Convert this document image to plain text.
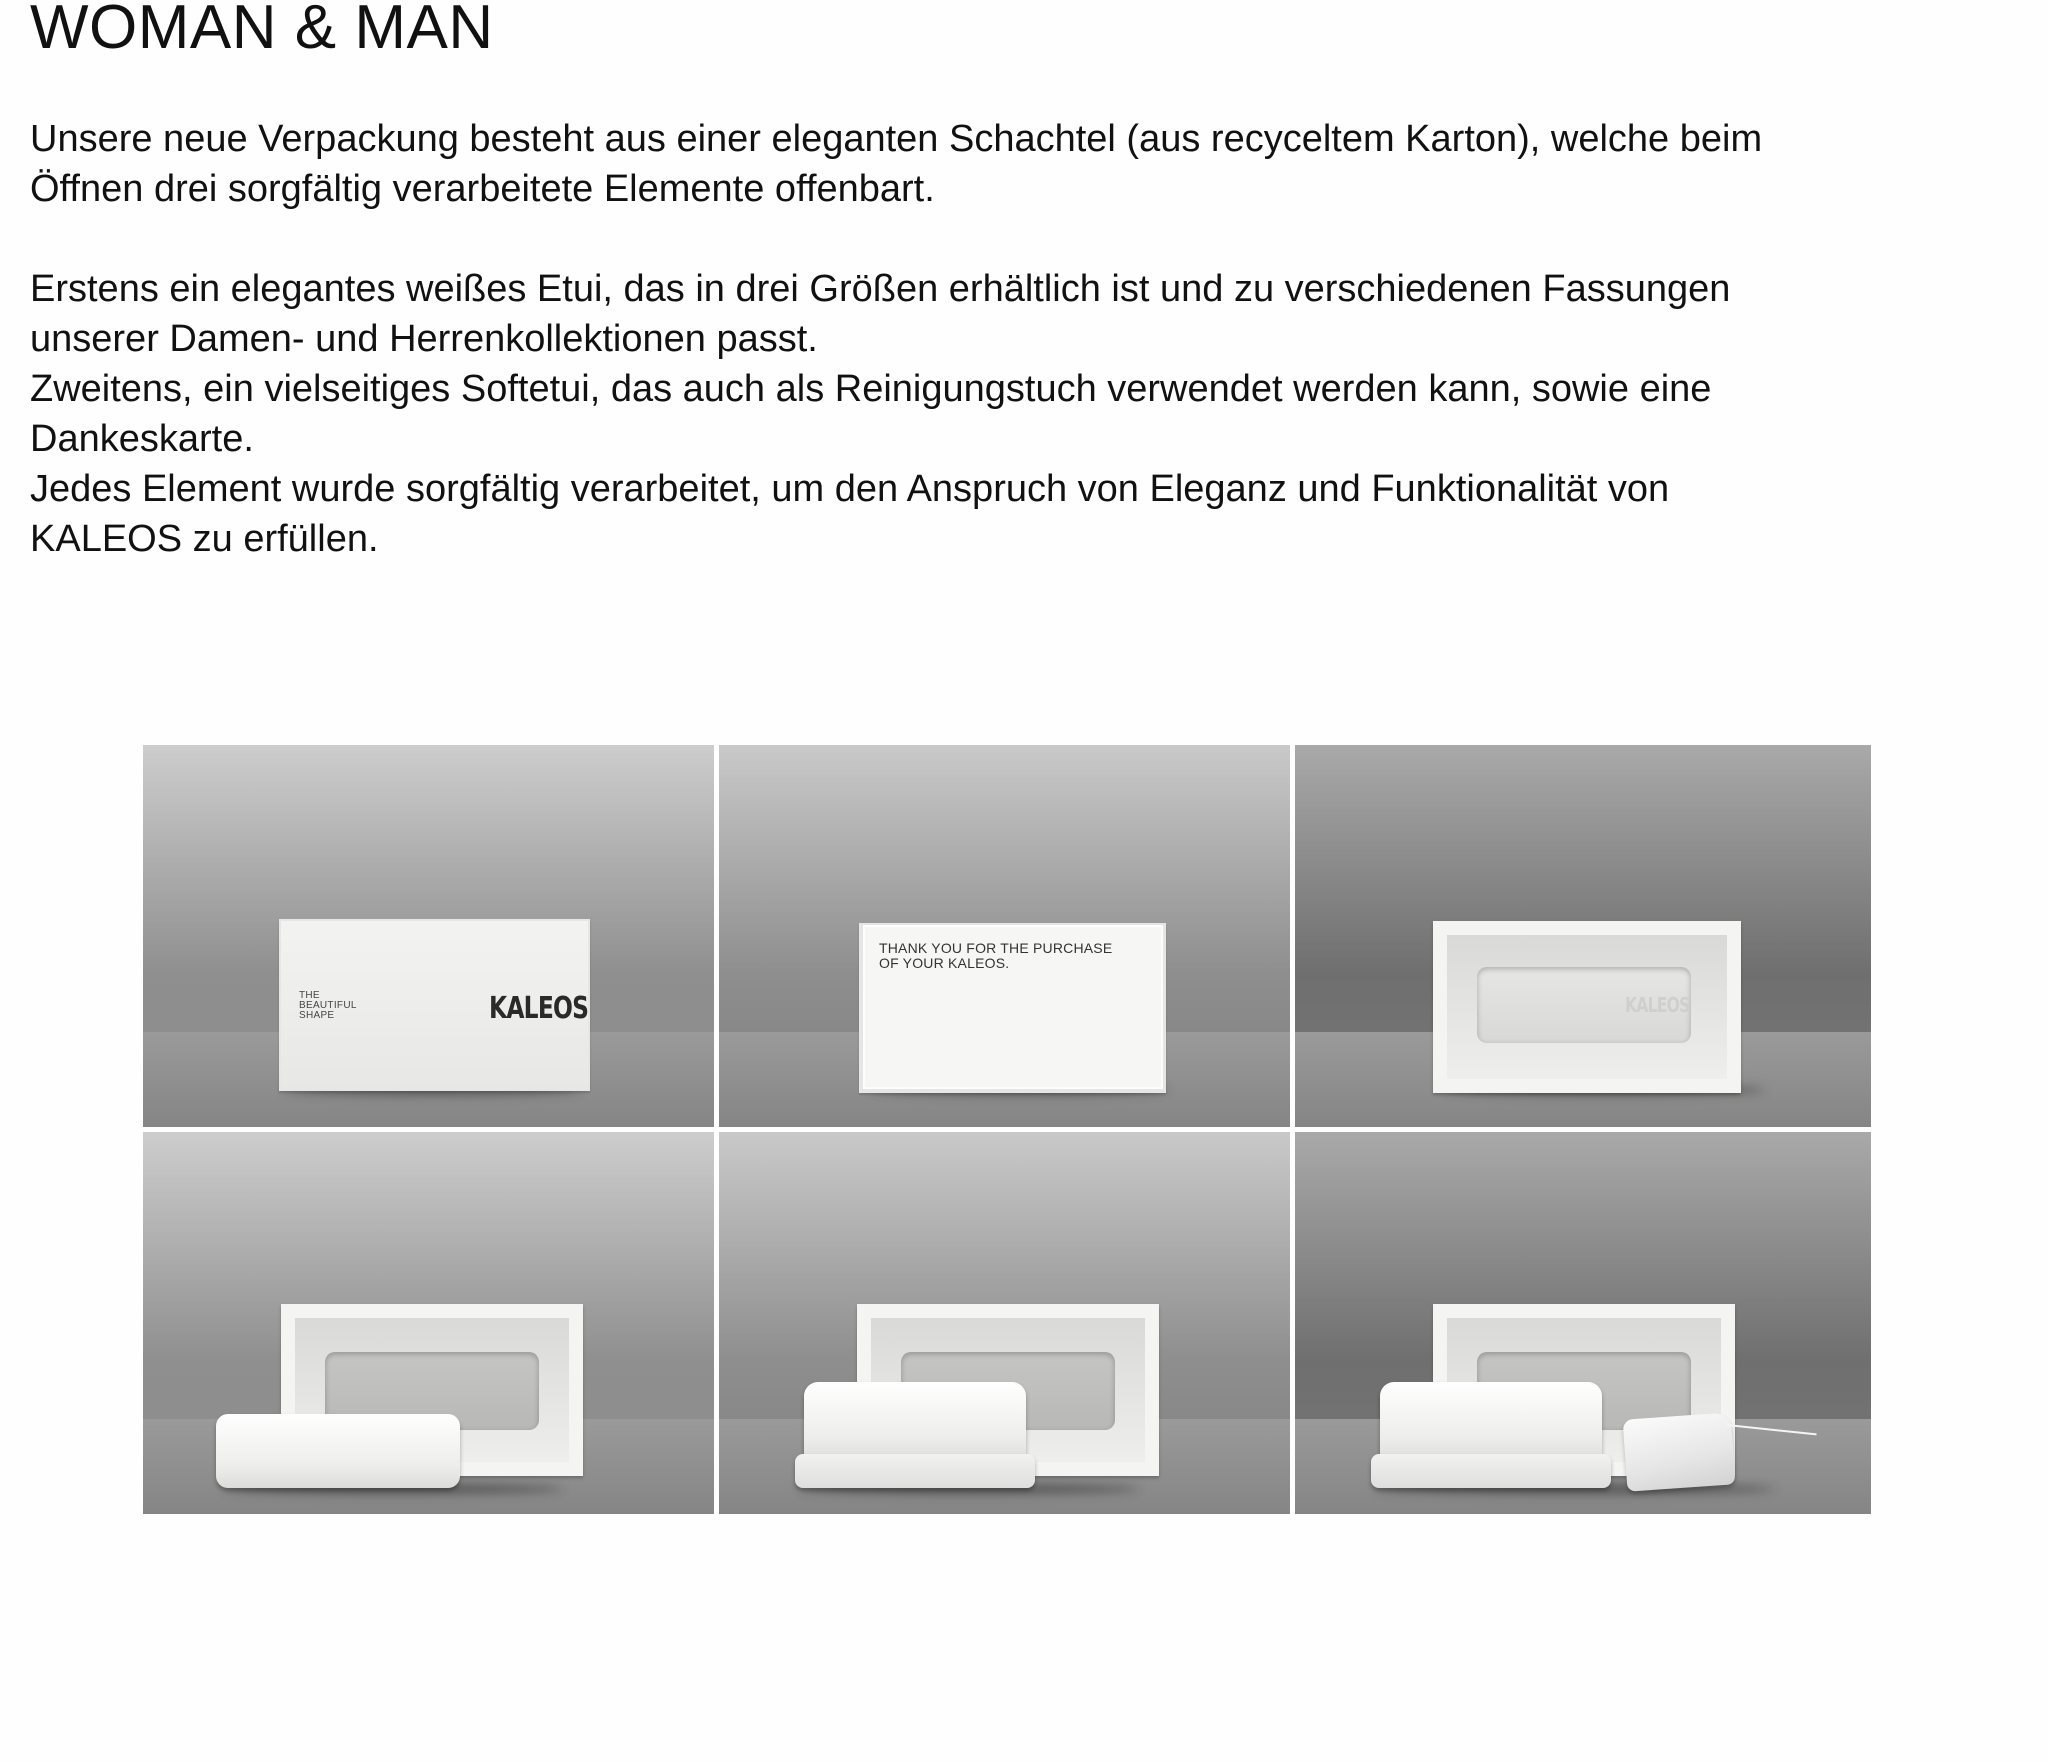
WOMAN & MAN

Unsere neue Verpackung besteht aus einer eleganten Schachtel (aus recyceltem Karton), welche beim
Öffnen drei sorgfältig verarbeitete Elemente offenbart.

Erstens ein elegantes weißes Etui, das in drei Größen erhältlich ist und zu verschiedenen Fassungen
unserer Damen- und Herrenkollektionen passt.
Zweitens, ein vielseitiges Softetui, das auch als Reinigungstuch verwendet werden kann, sowie eine
Dankeskarte.
Jedes Element wurde sorgfältig verarbeitet, um den Anspruch von Eleganz und Funktionalität von
KALEOS zu erfüllen.

THE
BEAUTIFUL
SHAPE	KALEOS
THANK YOU FOR THE PURCHASE
OF YOUR KALEOS.
KALEOS
